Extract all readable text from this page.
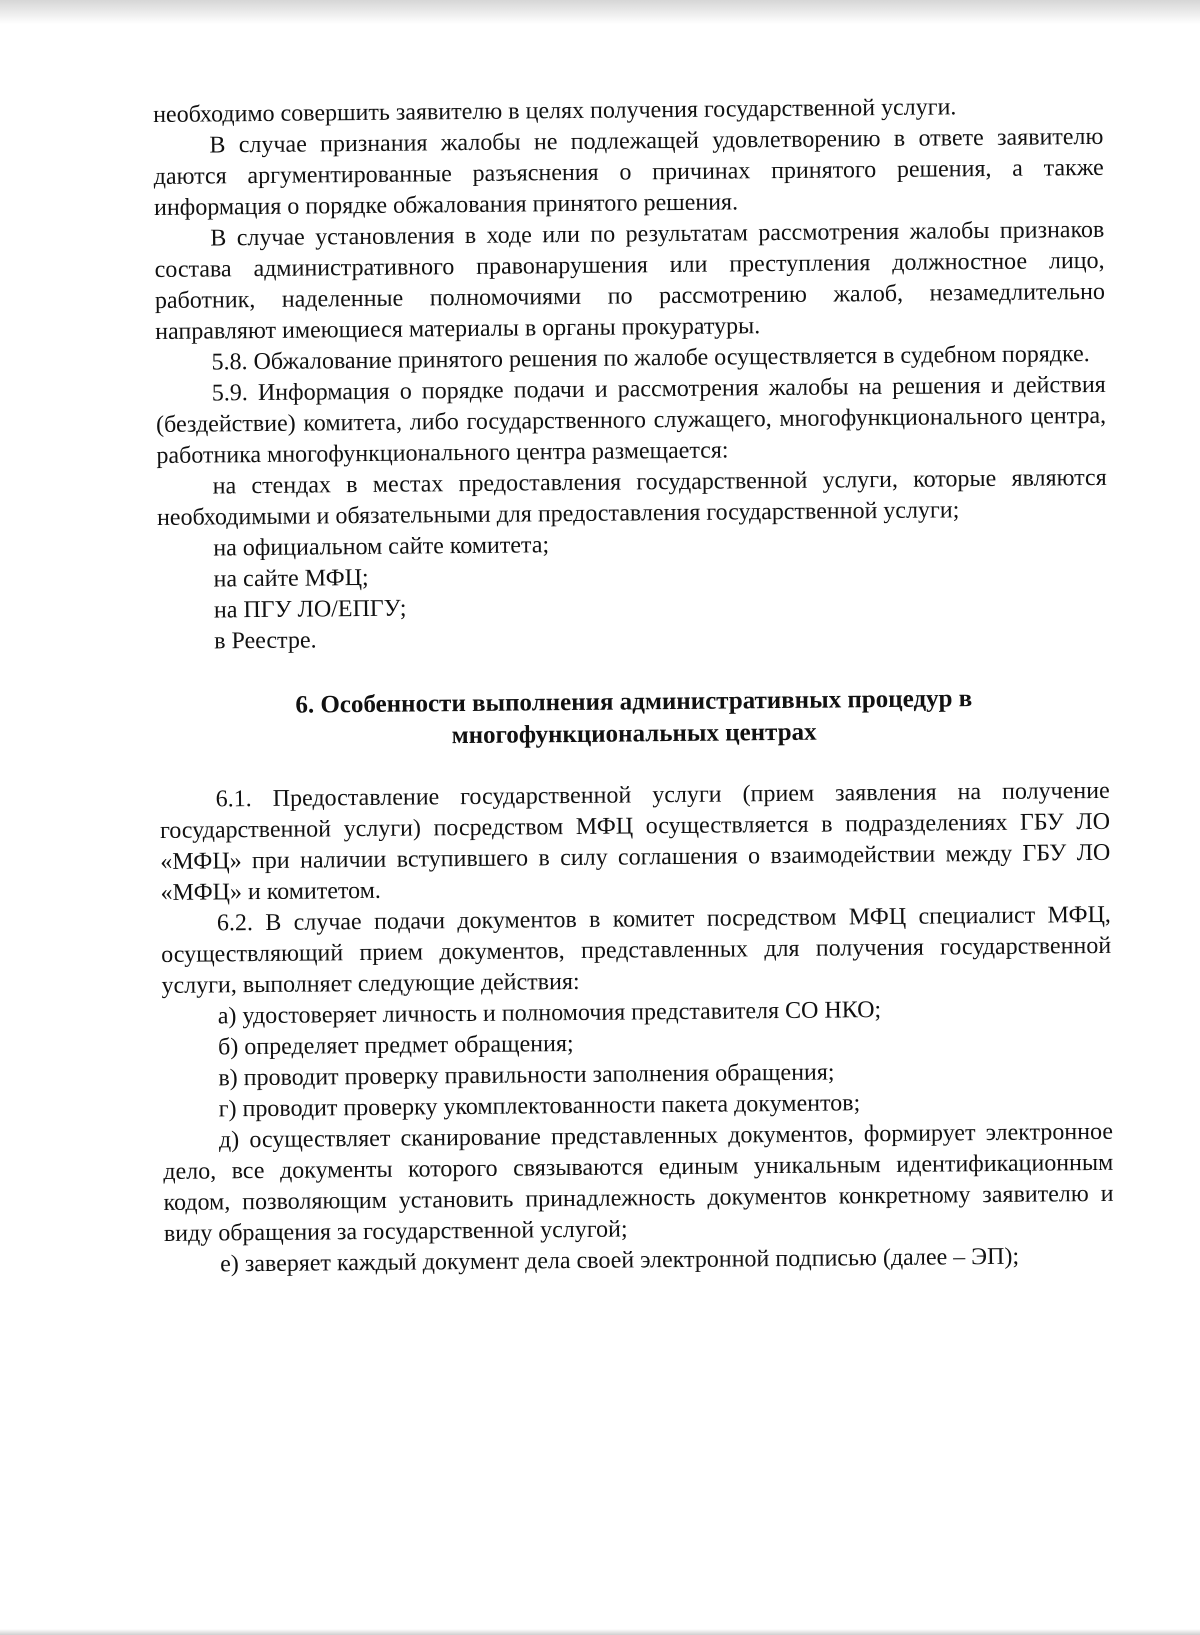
необходимо совершить заявителю в целях получения государственной услуги.

В случае признания жалобы не подлежащей удовлетворению в ответе заявителю даются аргументированные разъяснения о причинах принятого решения, а также информация о порядке обжалования принятого решения.

В случае установления в ходе или по результатам рассмотрения жалобы признаков состава административного правонарушения или преступления должностное лицо, работник, наделенные полномочиями по рассмотрению жалоб, незамедлительно направляют имеющиеся материалы в органы прокуратуры.

5.8. Обжалование принятого решения по жалобе осуществляется в судебном порядке.

5.9. Информация о порядке подачи и рассмотрения жалобы на решения и действия (бездействие) комитета, либо государственного служащего, многофункционального центра, работника многофункционального центра размещается:

на стендах в местах предоставления государственной услуги, которые являются необходимыми и обязательными для предоставления государственной услуги;

на официальном сайте комитета;

на сайте МФЦ;

на ПГУ ЛО/ЕПГУ;

в Реестре.

6. Особенности выполнения административных процедур в
многофункциональных центрах

6.1. Предоставление государственной услуги (прием заявления на получение государственной услуги) посредством МФЦ осуществляется в подразделениях ГБУ ЛО «МФЦ» при наличии вступившего в силу соглашения о взаимодействии между ГБУ ЛО «МФЦ» и комитетом.

6.2. В случае подачи документов в комитет посредством МФЦ специалист МФЦ, осуществляющий прием документов, представленных для получения государственной услуги, выполняет следующие действия:

а) удостоверяет личность и полномочия представителя СО НКО;

б) определяет предмет обращения;

в) проводит проверку правильности заполнения обращения;

г) проводит проверку укомплектованности пакета документов;

д) осуществляет сканирование представленных документов, формирует электронное дело, все документы которого связываются единым уникальным идентификационным кодом, позволяющим установить принадлежность документов конкретному заявителю и виду обращения за государственной услугой;

е) заверяет каждый документ дела своей электронной подписью (далее – ЭП);
